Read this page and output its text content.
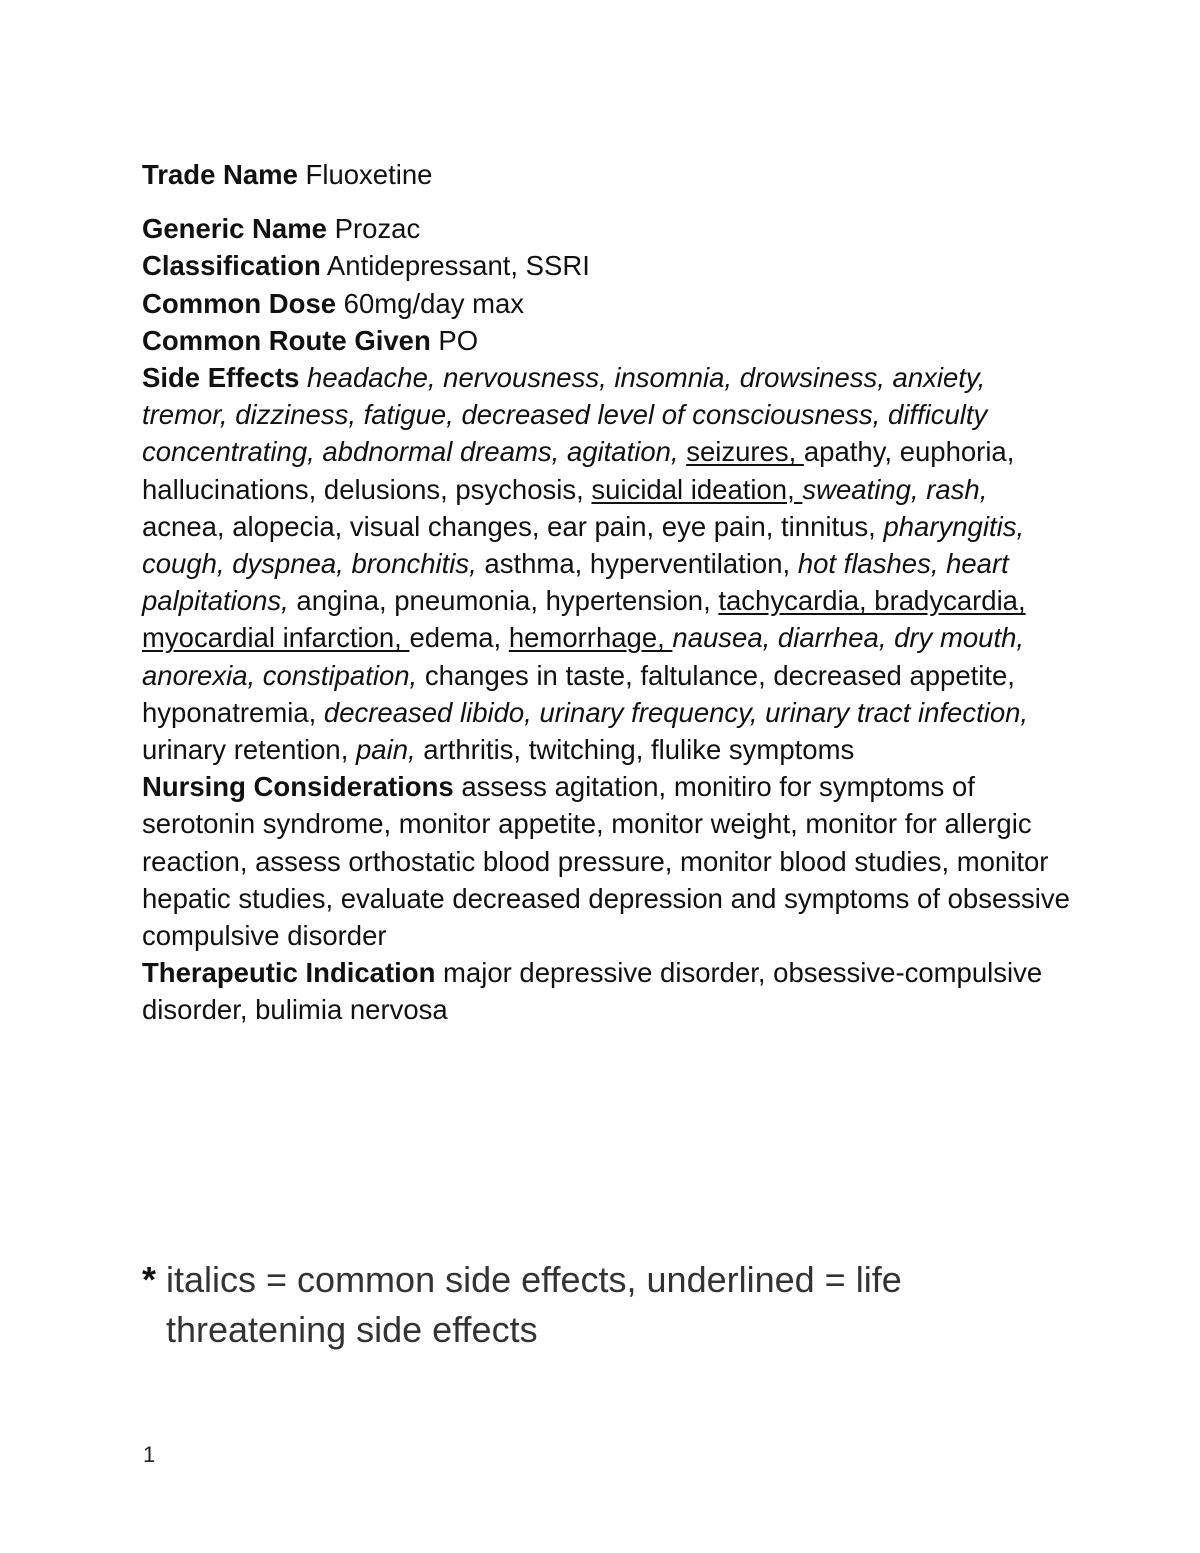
Trade Name Fluoxetine

Generic Name Prozac

Classification Antidepressant, SSRI

Common Dose 60mg/day max

Common Route Given PO

Side Effects headache, nervousness, insomnia, drowsiness, anxiety, tremor, dizziness, fatigue, decreased level of consciousness, difficulty concentrating, abdnormal dreams, agitation, seizures, apathy, euphoria, hallucinations, delusions, psychosis, suicidal ideation, sweating, rash, acnea, alopecia, visual changes, ear pain, eye pain, tinnitus, pharyngitis, cough, dyspnea, bronchitis, asthma, hyperventilation, hot flashes, heart palpitations, angina, pneumonia, hypertension, tachycardia, bradycardia, myocardial infarction, edema, hemorrhage, nausea, diarrhea, dry mouth, anorexia, constipation, changes in taste, faltulance, decreased appetite, hyponatremia, decreased libido, urinary frequency, urinary tract infection, urinary retention, pain, arthritis, twitching, flulike symptoms

Nursing Considerations assess agitation, monitiro for symptoms of serotonin syndrome, monitor appetite, monitor weight, monitor for allergic reaction, assess orthostatic blood pressure, monitor blood studies, monitor hepatic studies, evaluate decreased depression and symptoms of obsessive compulsive disorder

Therapeutic Indication major depressive disorder, obsessive-compulsive disorder, bulimia nervosa

* italics = common side effects, underlined = life threatening side effects
1
